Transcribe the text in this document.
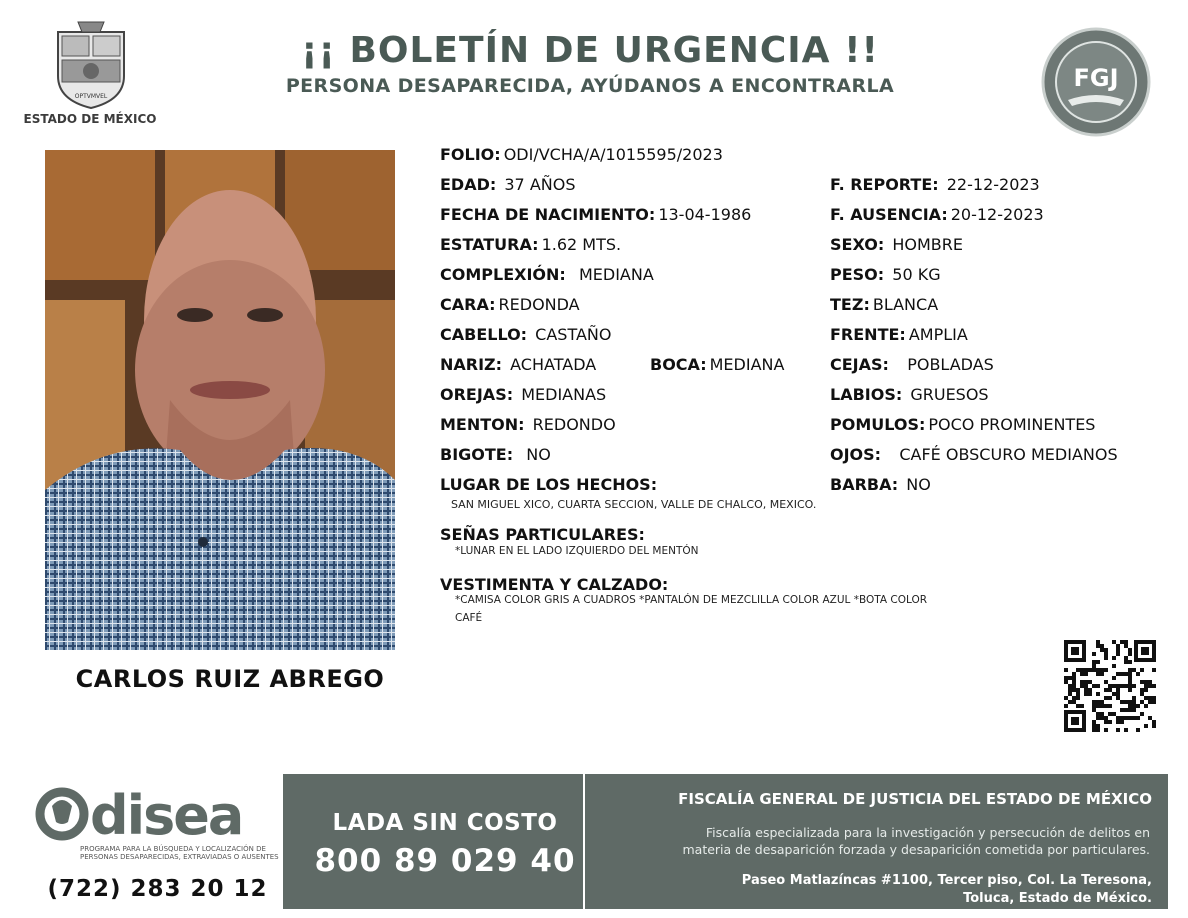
OPTVMVEL
ESTADO DE MÉXICO
¡¡ BOLETÍN DE URGENCIA !!
PERSONA DESAPARECIDA, AYÚDANOS A ENCONTRARLA	FGJ
CARLOS RUIZ ABREGO
FOLIO: ODI/VCHA/A/1015595/2023
EDAD: 37 AÑOS
FECHA DE NACIMIENTO: 13-04-1986
ESTATURA: 1.62 MTS.
COMPLEXIÓN: MEDIANA
CARA: REDONDA
CABELLO: CASTAÑO
NARIZ: ACHATADA	BOCA: MEDIANA
OREJAS: MEDIANAS
MENTON: REDONDO
BIGOTE: NO
LUGAR DE LOS HECHOS:
SAN MIGUEL XICO, CUARTA SECCION, VALLE DE CHALCO, MEXICO.
SEÑAS PARTICULARES:
*LUNAR EN EL LADO IZQUIERDO DEL MENTÓN
VESTIMENTA Y CALZADO:
*CAMISA COLOR GRIS A CUADROS *PANTALÓN DE MEZCLILLA COLOR AZUL *BOTA COLOR
CAFÉ
F. REPORTE: 22-12-2023
F. AUSENCIA: 20-12-2023
SEXO: HOMBRE
PESO: 50 KG
TEZ: BLANCA
FRENTE: AMPLIA
CEJAS: POBLADAS
LABIOS: GRUESOS
POMULOS: POCO PROMINENTES
OJOS: CAFÉ OBSCURO MEDIANOS
BARBA: NO
disea
PROGRAMA PARA LA BÚSQUEDA Y LOCALIZACIÓN DE PERSONAS DESAPARECIDAS, EXTRAVIADAS O AUSENTES
(722) 283 20 12
LADA SIN COSTO
800 89 029 40
FISCALÍA GENERAL DE JUSTICIA DEL ESTADO DE MÉXICO
Fiscalía especializada para la investigación y persecución de delitos en
materia de desaparición forzada y desaparición cometida por particulares.
Paseo Matlazíncas #1100, Tercer piso, Col. La Teresona,
Toluca, Estado de México.
